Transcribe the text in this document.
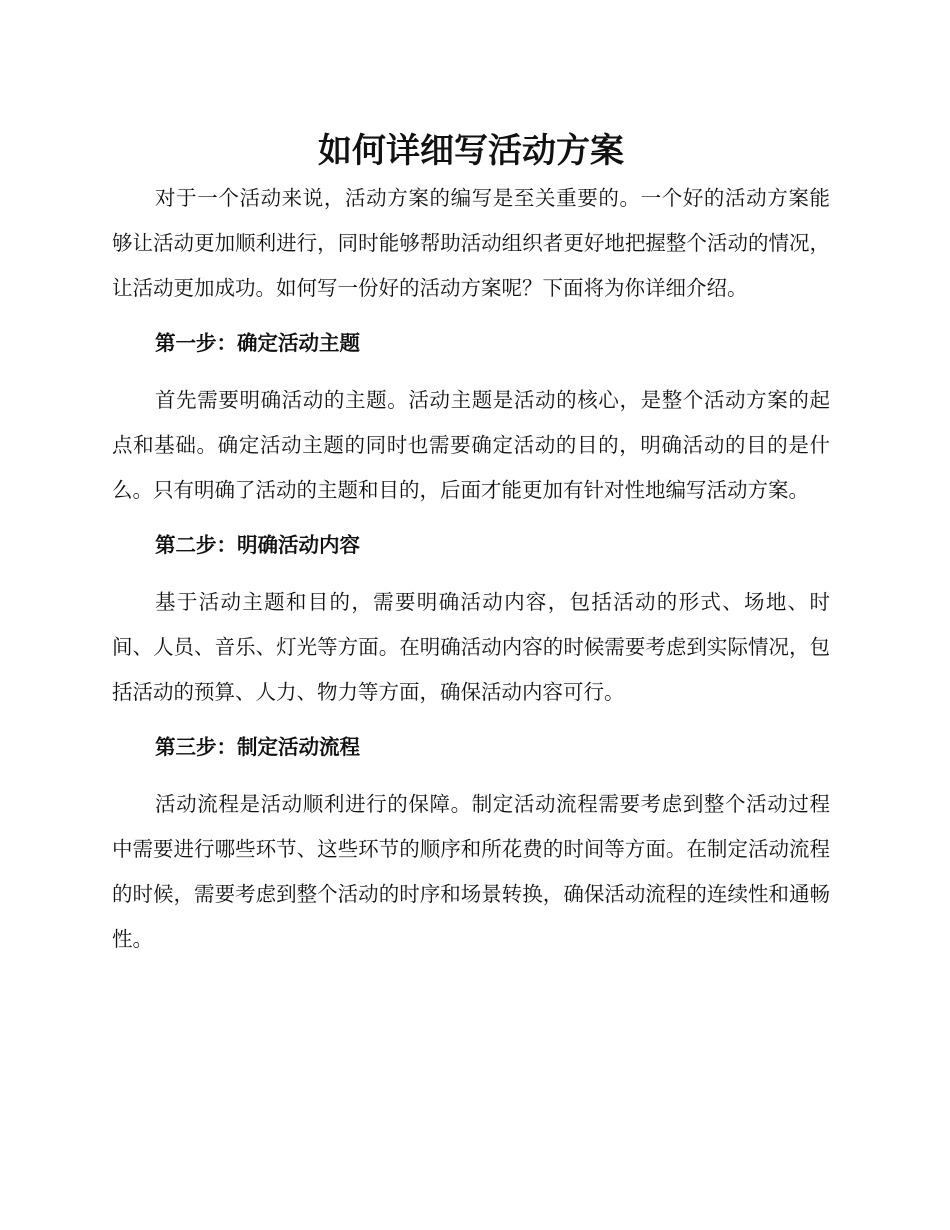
如何详细写活动方案

对于一个活动来说，活动方案的编写是至关重要的。一个好的活动方案能够让活动更加顺利进行，同时能够帮助活动组织者更好地把握整个活动的情况，让活动更加成功。如何写一份好的活动方案呢？下面将为你详细介绍。

第一步：确定活动主题

首先需要明确活动的主题。活动主题是活动的核心，是整个活动方案的起点和基础。确定活动主题的同时也需要确定活动的目的，明确活动的目的是什么。只有明确了活动的主题和目的，后面才能更加有针对性地编写活动方案。

第二步：明确活动内容

基于活动主题和目的，需要明确活动内容，包括活动的形式、场地、时间、人员、音乐、灯光等方面。在明确活动内容的时候需要考虑到实际情况，包括活动的预算、人力、物力等方面，确保活动内容可行。

第三步：制定活动流程

活动流程是活动顺利进行的保障。制定活动流程需要考虑到整个活动过程中需要进行哪些环节、这些环节的顺序和所花费的时间等方面。在制定活动流程的时候，需要考虑到整个活动的时序和场景转换，确保活动流程的连续性和通畅性。
